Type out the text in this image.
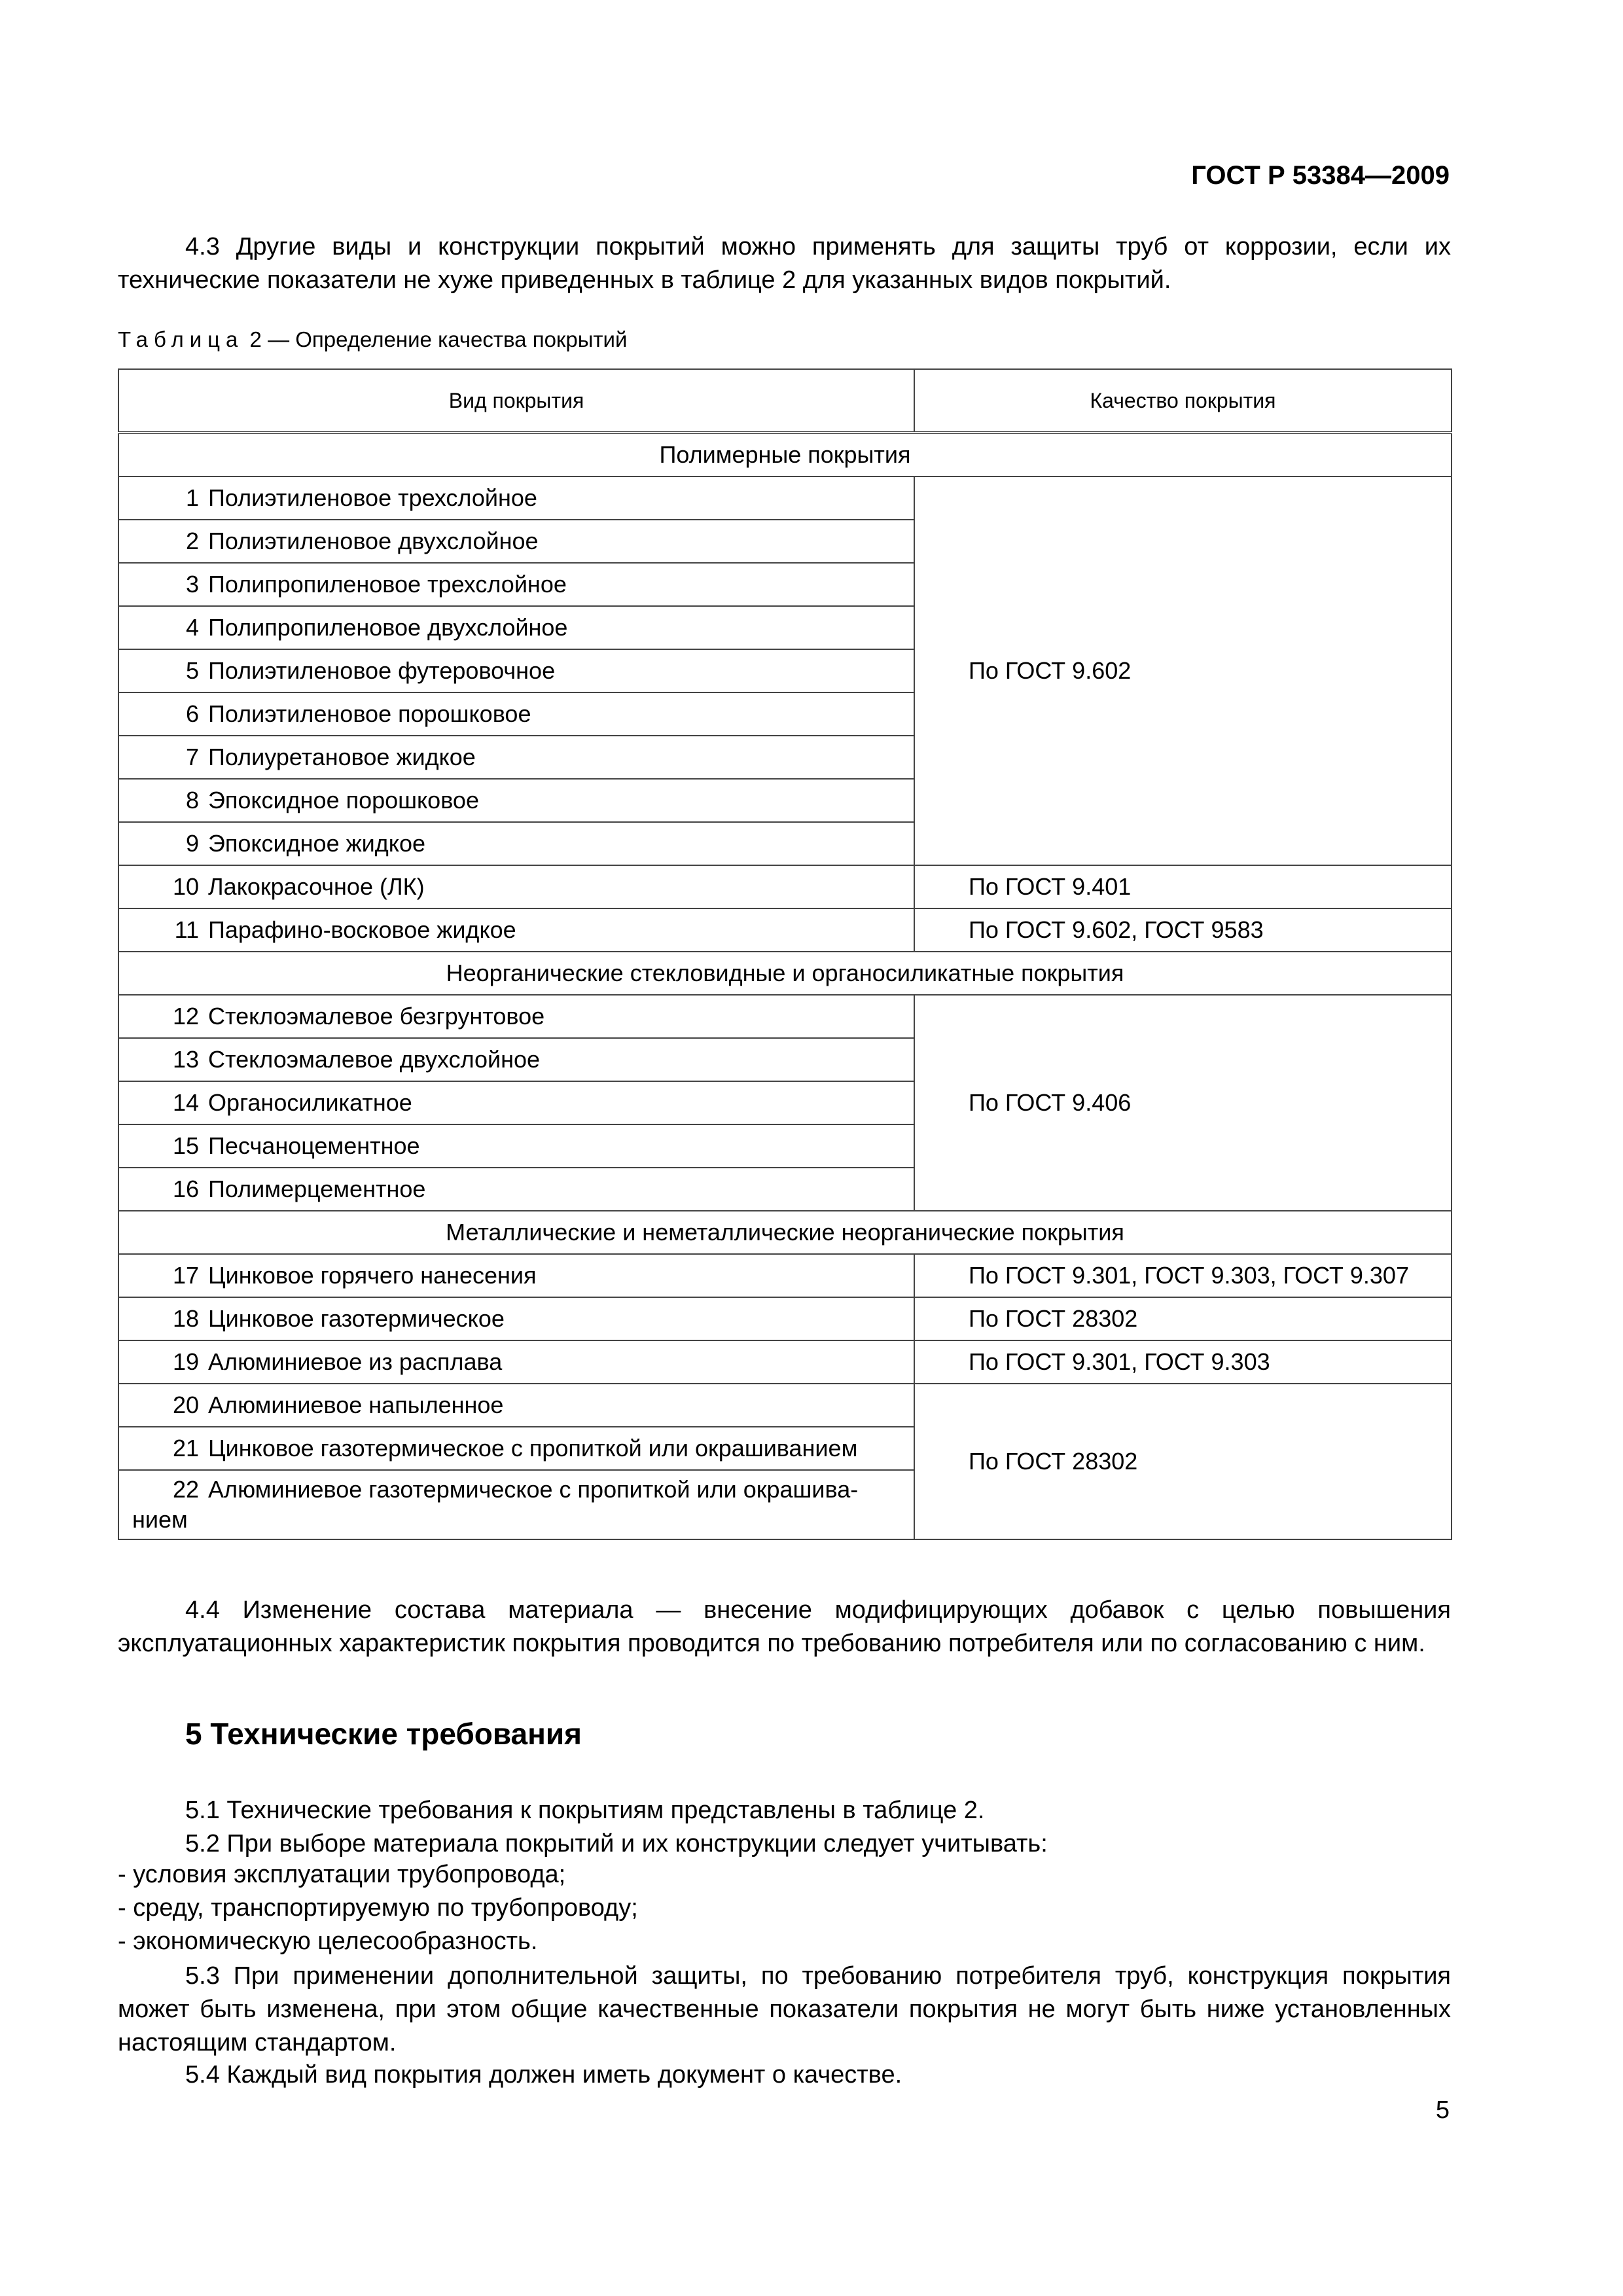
ГОСТ Р 53384—2009
4.3 Другие виды и конструкции покрытий можно применять для защиты труб от коррозии, если их технические показатели не хуже приведенных в таблице 2 для указанных видов покрытий.
Таблица 2 — Определение качества покрытий
Вид покрытия	Качество покрытия
Полимерные покрытия	
1 Полиэтиленовое трехслойное	По ГОСТ 9.602
2 Полиэтиленовое двухслойное	
3 Полипропиленовое трехслойное	
4 Полипропиленовое двухслойное	
5 Полиэтиленовое футеровочное	
6 Полиэтиленовое порошковое	
7 Полиуретановое жидкое	
8 Эпоксидное порошковое	
9 Эпоксидное жидкое	
10 Лакокрасочное (ЛК)	По ГОСТ 9.401
11 Парафино-восковое жидкое	По ГОСТ 9.602, ГОСТ 9583
Неорганические стекловидные и органосиликатные покрытия	
12 Стеклоэмалевое безгрунтовое	По ГОСТ 9.406
13 Стеклоэмалевое двухслойное	
14 Органосиликатное	
15 Песчаноцементное	
16 Полимерцементное	
Металлические и неметаллические неорганические покрытия	
17 Цинковое горячего нанесения	По ГОСТ 9.301, ГОСТ 9.303, ГОСТ 9.307
18 Цинковое газотермическое	По ГОСТ 28302
19 Алюминиевое из расплава	По ГОСТ 9.301, ГОСТ 9.303
20 Алюминиевое напыленное	По ГОСТ 28302
21 Цинковое газотермическое с пропиткой или окрашиванием	
22 Алюминиевое газотермическое с пропиткой или окрашива-
нием	
4.4 Изменение состава материала — внесение модифицирующих добавок с целью повышения эксплуатационных характеристик покрытия проводится по требованию потребителя или по согласованию с ним.
5 Технические требования
5.1 Технические требования к покрытиям представлены в таблице 2.
5.2 При выборе материала покрытий и их конструкции следует учитывать:
- условия эксплуатации трубопровода;
- среду, транспортируемую по трубопроводу;
- экономическую целесообразность.
5.3 При применении дополнительной защиты, по требованию потребителя труб, конструкция покрытия может быть изменена, при этом общие качественные показатели покрытия не могут быть ниже установленных настоящим стандартом.
5.4 Каждый вид покрытия должен иметь документ о качестве.
5
